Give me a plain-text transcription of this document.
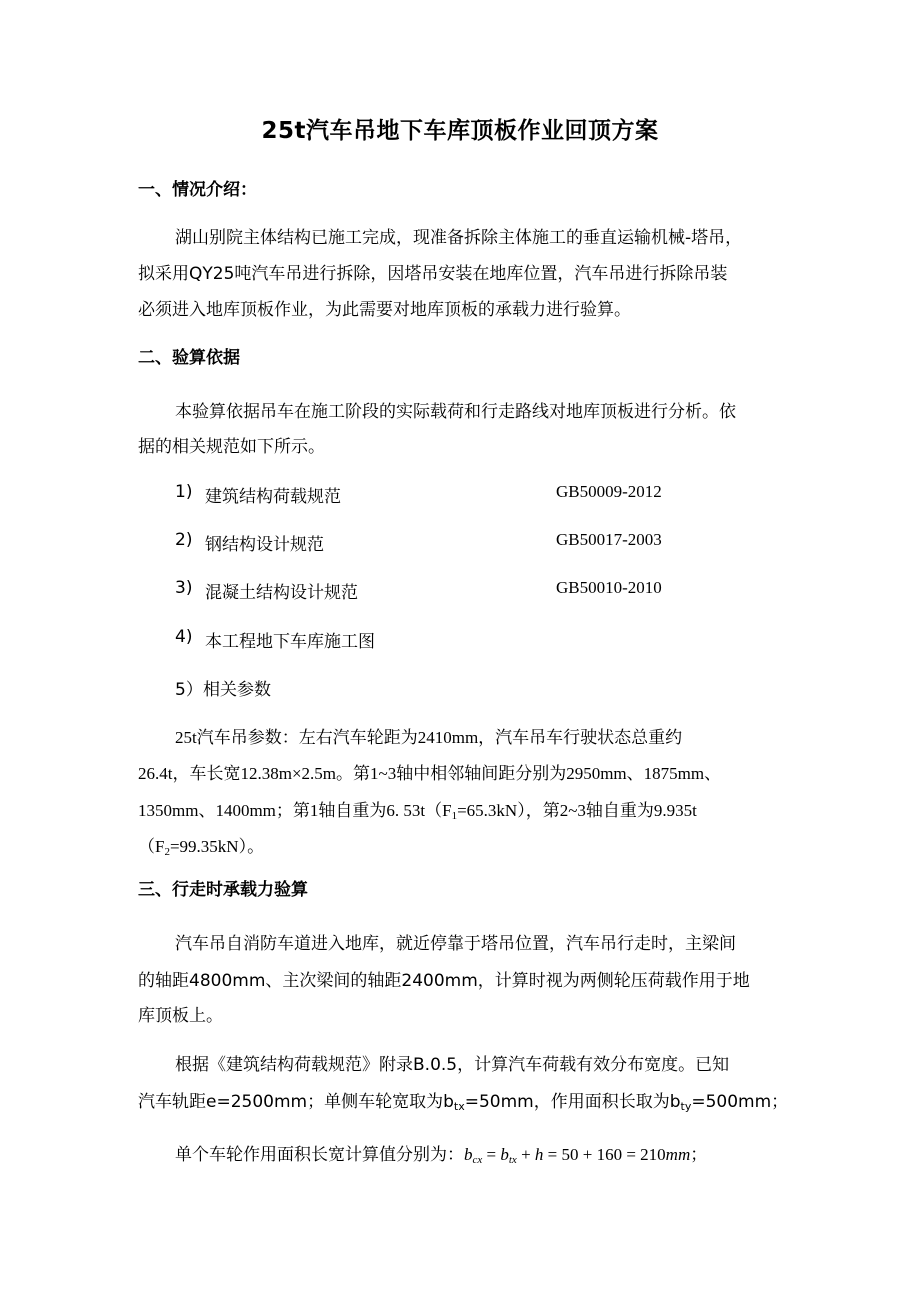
25t汽车吊地下车库顶板作业回顶方案
一、情况介绍：
湖山别院主体结构已施工完成，现准备拆除主体施工的垂直运输机械-塔吊，
拟采用QY25吨汽车吊进行拆除，因塔吊安装在地库位置，汽车吊进行拆除吊装
必须进入地库顶板作业，为此需要对地库顶板的承载力进行验算。
二、验算依据
本验算依据吊车在施工阶段的实际载荷和行走路线对地库顶板进行分析。依
据的相关规范如下所示。
1) 建筑结构荷载规范	GB50009-2012
2) 钢结构设计规范	GB50017-2003
3) 混凝土结构设计规范	GB50010-2010
4) 本工程地下车库施工图
5） 相关参数
25t汽车吊参数：左右汽车轮距为2410mm，汽车吊车行驶状态总重约
26.4t，车长宽12.38m×2.5m。第1~3轴中相邻轴间距分别为2950mm、1875mm、
1350mm、1400mm；第1轴自重为6. $53t(F_1=65.3kN)$，第2~3轴自重为9.935t
$(F_2=99.35kN)$。
三、行走时承载力验算
汽车吊自消防车道进入地库，就近停靠于塔吊位置，汽车吊行走时，主梁间
的轴距4800mm、主次梁间的轴距2400mm，计算时视为两侧轮压荷载作用于地
库顶板上。
根据《建筑结构荷载规范》附录B.0.5，计算汽车荷载有效分布宽度。已知
汽车轨距e=2500mm；单侧车轮宽取为$b_{tx}=50mm$，作用面积长取为$b_{ty}=500mm$；
单个车轮作用面积长宽计算值分别为：$b_{cx} = b_{tx} + h = 50 + 160 = 210mm$；
